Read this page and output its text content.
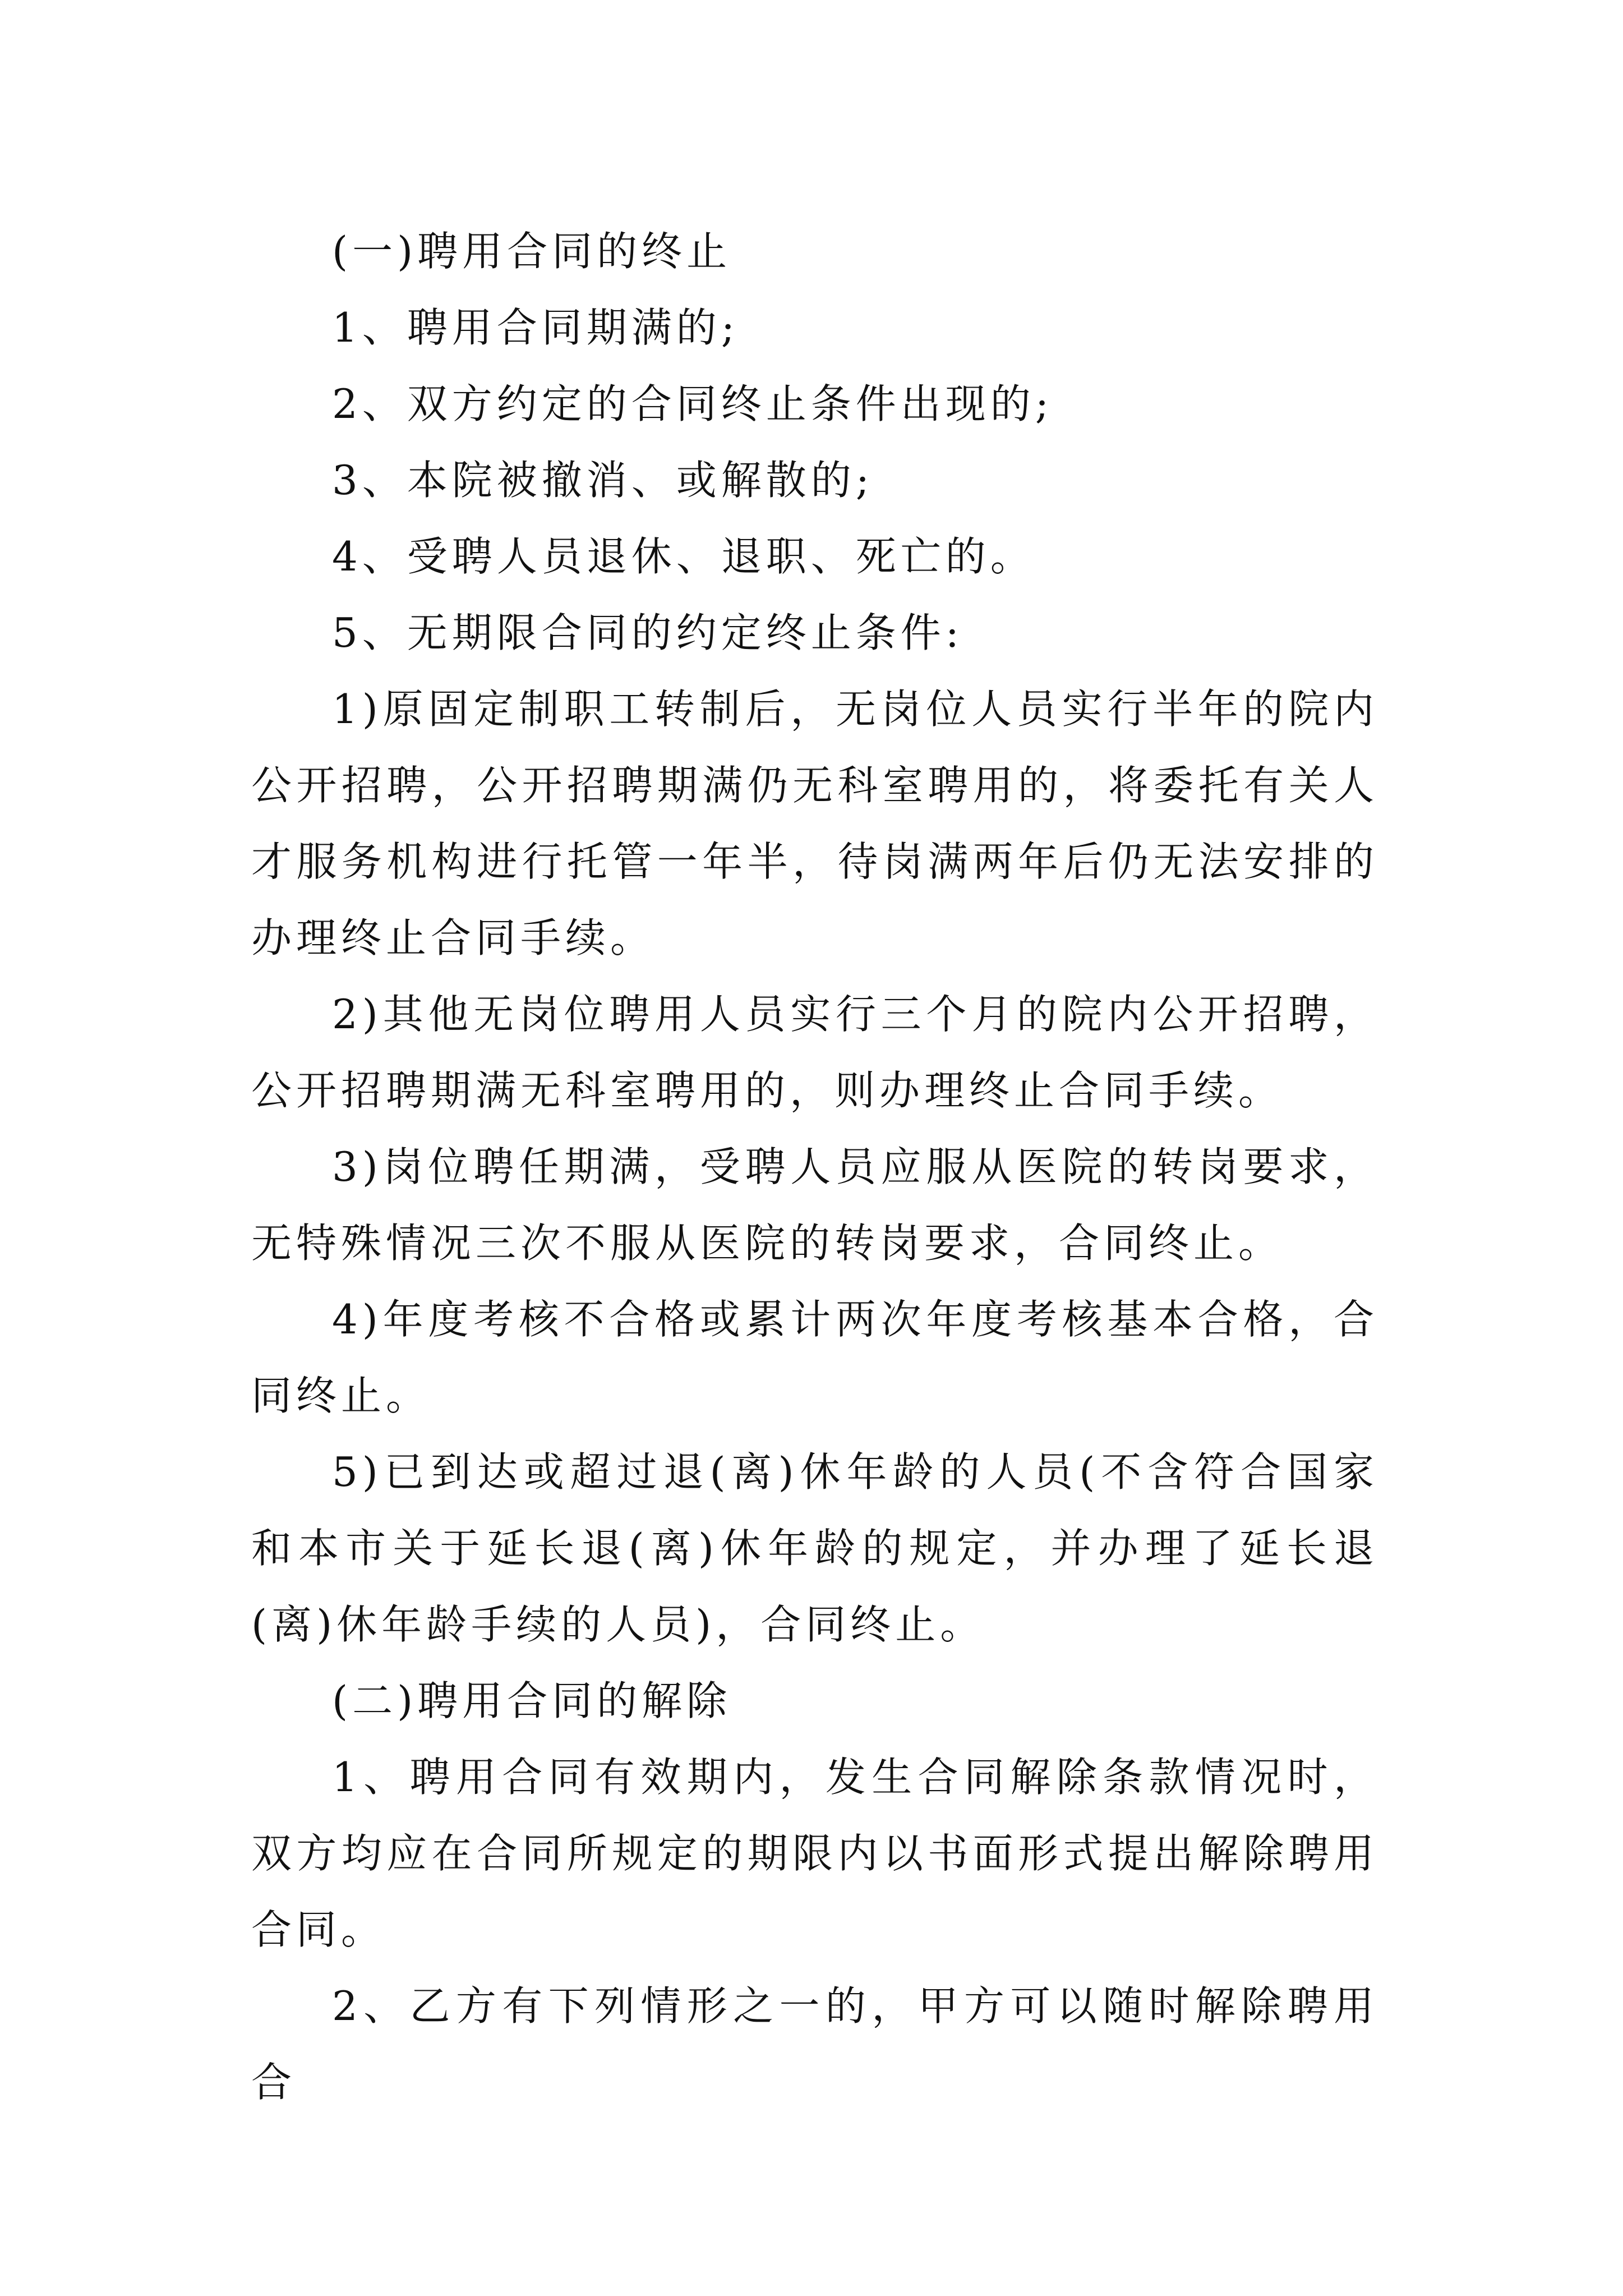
(一)聘用合同的终止

1、聘用合同期满的;

2、双方约定的合同终止条件出现的;

3、本院被撤消、或解散的;

4、受聘人员退休、退职、死亡的。

5、无期限合同的约定终止条件:

1)原固定制职工转制后，无岗位人员实行半年的院内公开招聘，公开招聘期满仍无科室聘用的，将委托有关人才服务机构进行托管一年半，待岗满两年后仍无法安排的办理终止合同手续。

2)其他无岗位聘用人员实行三个月的院内公开招聘，公开招聘期满无科室聘用的，则办理终止合同手续。

3)岗位聘任期满，受聘人员应服从医院的转岗要求，无特殊情况三次不服从医院的转岗要求，合同终止。

4)年度考核不合格或累计两次年度考核基本合格，合同终止。

5)已到达或超过退(离)休年龄的人员(不含符合国家和本市关于延长退(离)休年龄的规定，并办理了延长退(离)休年龄手续的人员)，合同终止。

(二)聘用合同的解除

1、聘用合同有效期内，发生合同解除条款情况时，双方均应在合同所规定的期限内以书面形式提出解除聘用合同。

2、乙方有下列情形之一的，甲方可以随时解除聘用合
